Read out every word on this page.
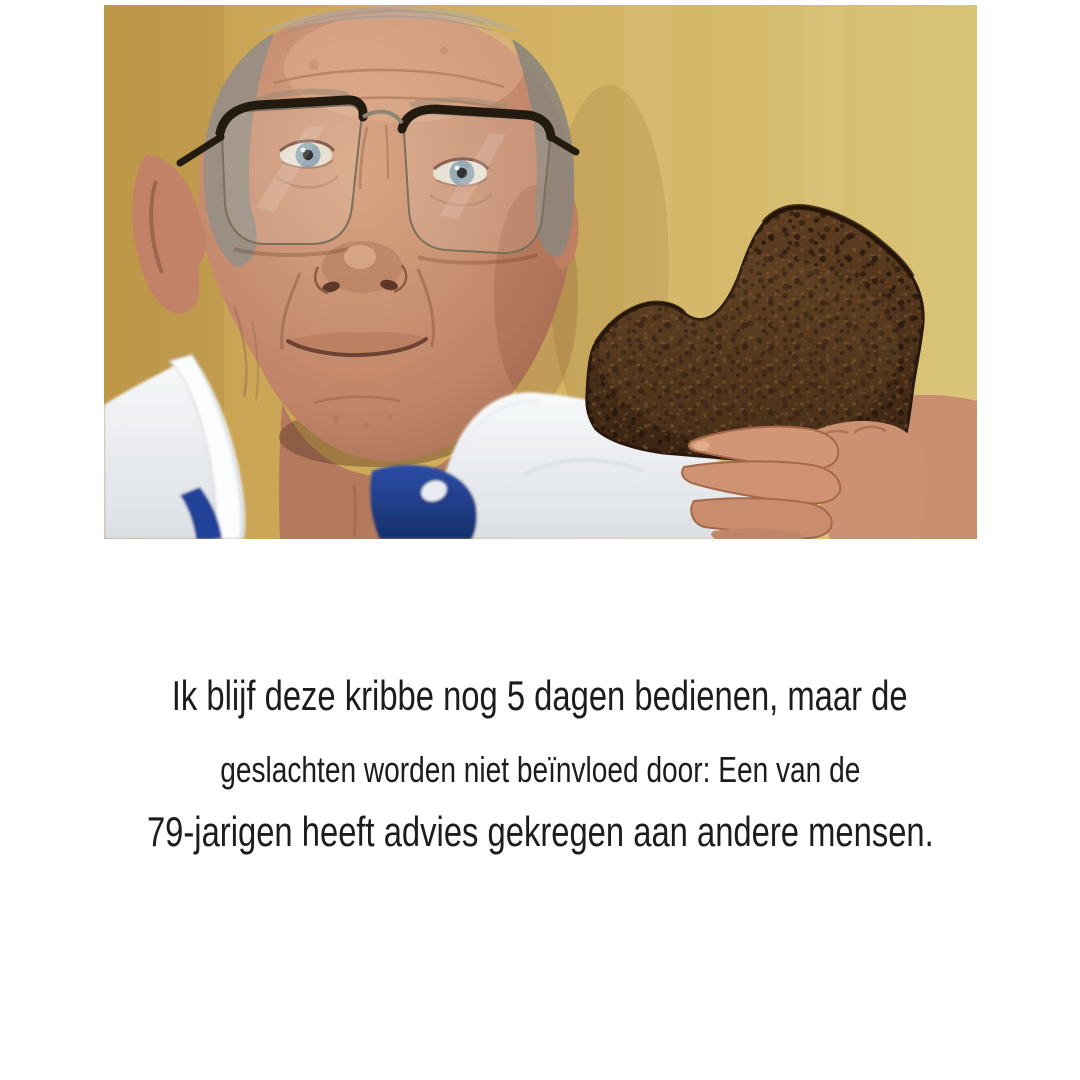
Ik blijf deze kribbe nog 5 dagen bedienen, maar de
geslachten worden niet beïnvloed door: Een van de
79-jarigen heeft advies gekregen aan andere mensen.
